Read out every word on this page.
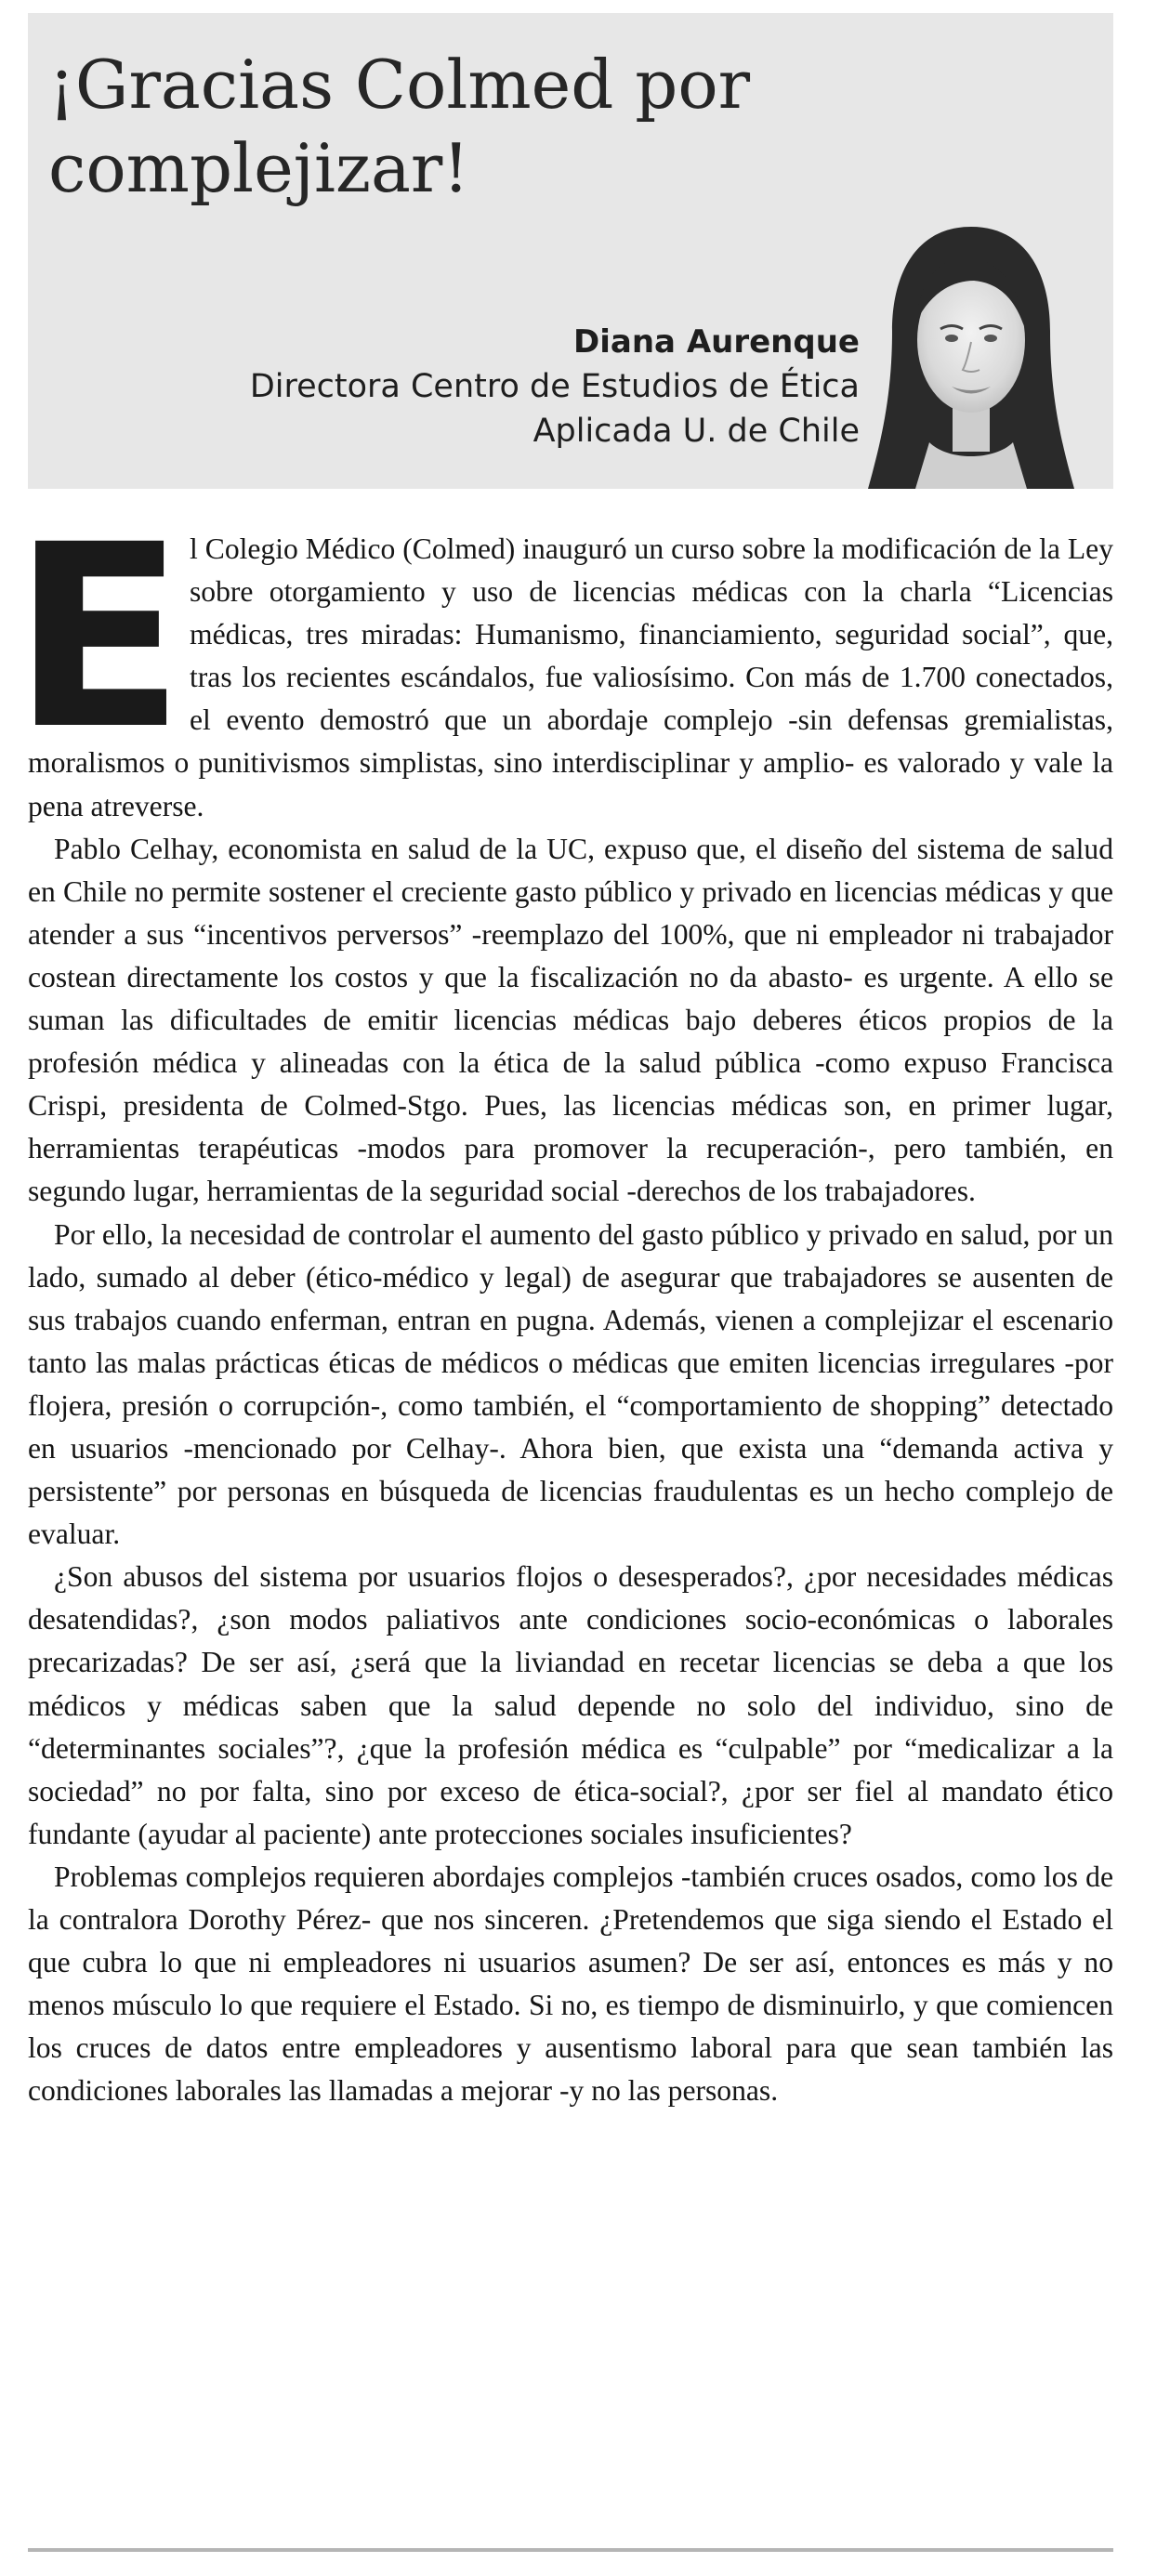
¡Gracias Colmed por
complejizar!
Diana Aurenque
Directora Centro de Estudios de Ética
Aplicada U. de Chile

E l Colegio Médico (Colmed) inauguró un curso sobre la modificación de la Ley sobre otorgamiento y uso de licencias médicas con la charla “Licencias médicas, tres miradas: Humanismo, financiamiento, seguridad social”, que, tras los recientes escándalos, fue valiosísimo. Con más de 1.700 conectados, el evento demostró que un abordaje complejo -sin defensas gremialistas, moralismos o punitivismos simplistas, sino interdisciplinar y amplio- es valorado y vale la pena atreverse.

Pablo Celhay, economista en salud de la UC, expuso que, el diseño del sistema de salud en Chile no permite sostener el creciente gasto público y privado en licencias médicas y que atender a sus “incentivos perversos” -reemplazo del 100%, que ni empleador ni trabajador costean directamente los costos y que la fiscalización no da abasto- es urgente. A ello se suman las dificultades de emitir licencias médicas bajo deberes éticos propios de la profesión médica y alineadas con la ética de la salud pública -como expuso Francisca Crispi, presidenta de Colmed-Stgo. Pues, las licencias médicas son, en primer lugar, herramientas terapéuticas -modos para promover la recuperación-, pero también, en segundo lugar, herramientas de la seguridad social -derechos de los trabajadores.

Por ello, la necesidad de controlar el aumento del gasto público y privado en salud, por un lado, sumado al deber (ético-médico y legal) de asegurar que trabajadores se ausenten de sus trabajos cuando enferman, entran en pugna. Además, vienen a complejizar el escenario tanto las malas prácticas éticas de médicos o médicas que emiten licencias irregulares -por flojera, presión o corrupción-, como también, el “comportamiento de shopping” detectado en usuarios -mencionado por Celhay-. Ahora bien, que exista una “demanda activa y persistente” por personas en búsqueda de licencias fraudulentas es un hecho complejo de evaluar.

¿Son abusos del sistema por usuarios flojos o desesperados?, ¿por necesidades médicas desatendidas?, ¿son modos paliativos ante condiciones socio-económicas o laborales precarizadas? De ser así, ¿será que la liviandad en recetar licencias se deba a que los médicos y médicas saben que la salud depende no solo del individuo, sino de “determinantes sociales”?, ¿que la profesión médica es “culpable” por “medicalizar a la sociedad” no por falta, sino por exceso de ética-social?, ¿por ser fiel al mandato ético fundante (ayudar al paciente) ante protecciones sociales insuficientes?

Problemas complejos requieren abordajes complejos -también cruces osados, como los de la contralora Dorothy Pérez- que nos sinceren. ¿Pretendemos que siga siendo el Estado el que cubra lo que ni empleadores ni usuarios asumen? De ser así, entonces es más y no menos músculo lo que requiere el Estado. Si no, es tiempo de disminuirlo, y que comiencen los cruces de datos entre empleadores y ausentismo laboral para que sean también las condiciones laborales las llamadas a mejorar -y no las personas.
